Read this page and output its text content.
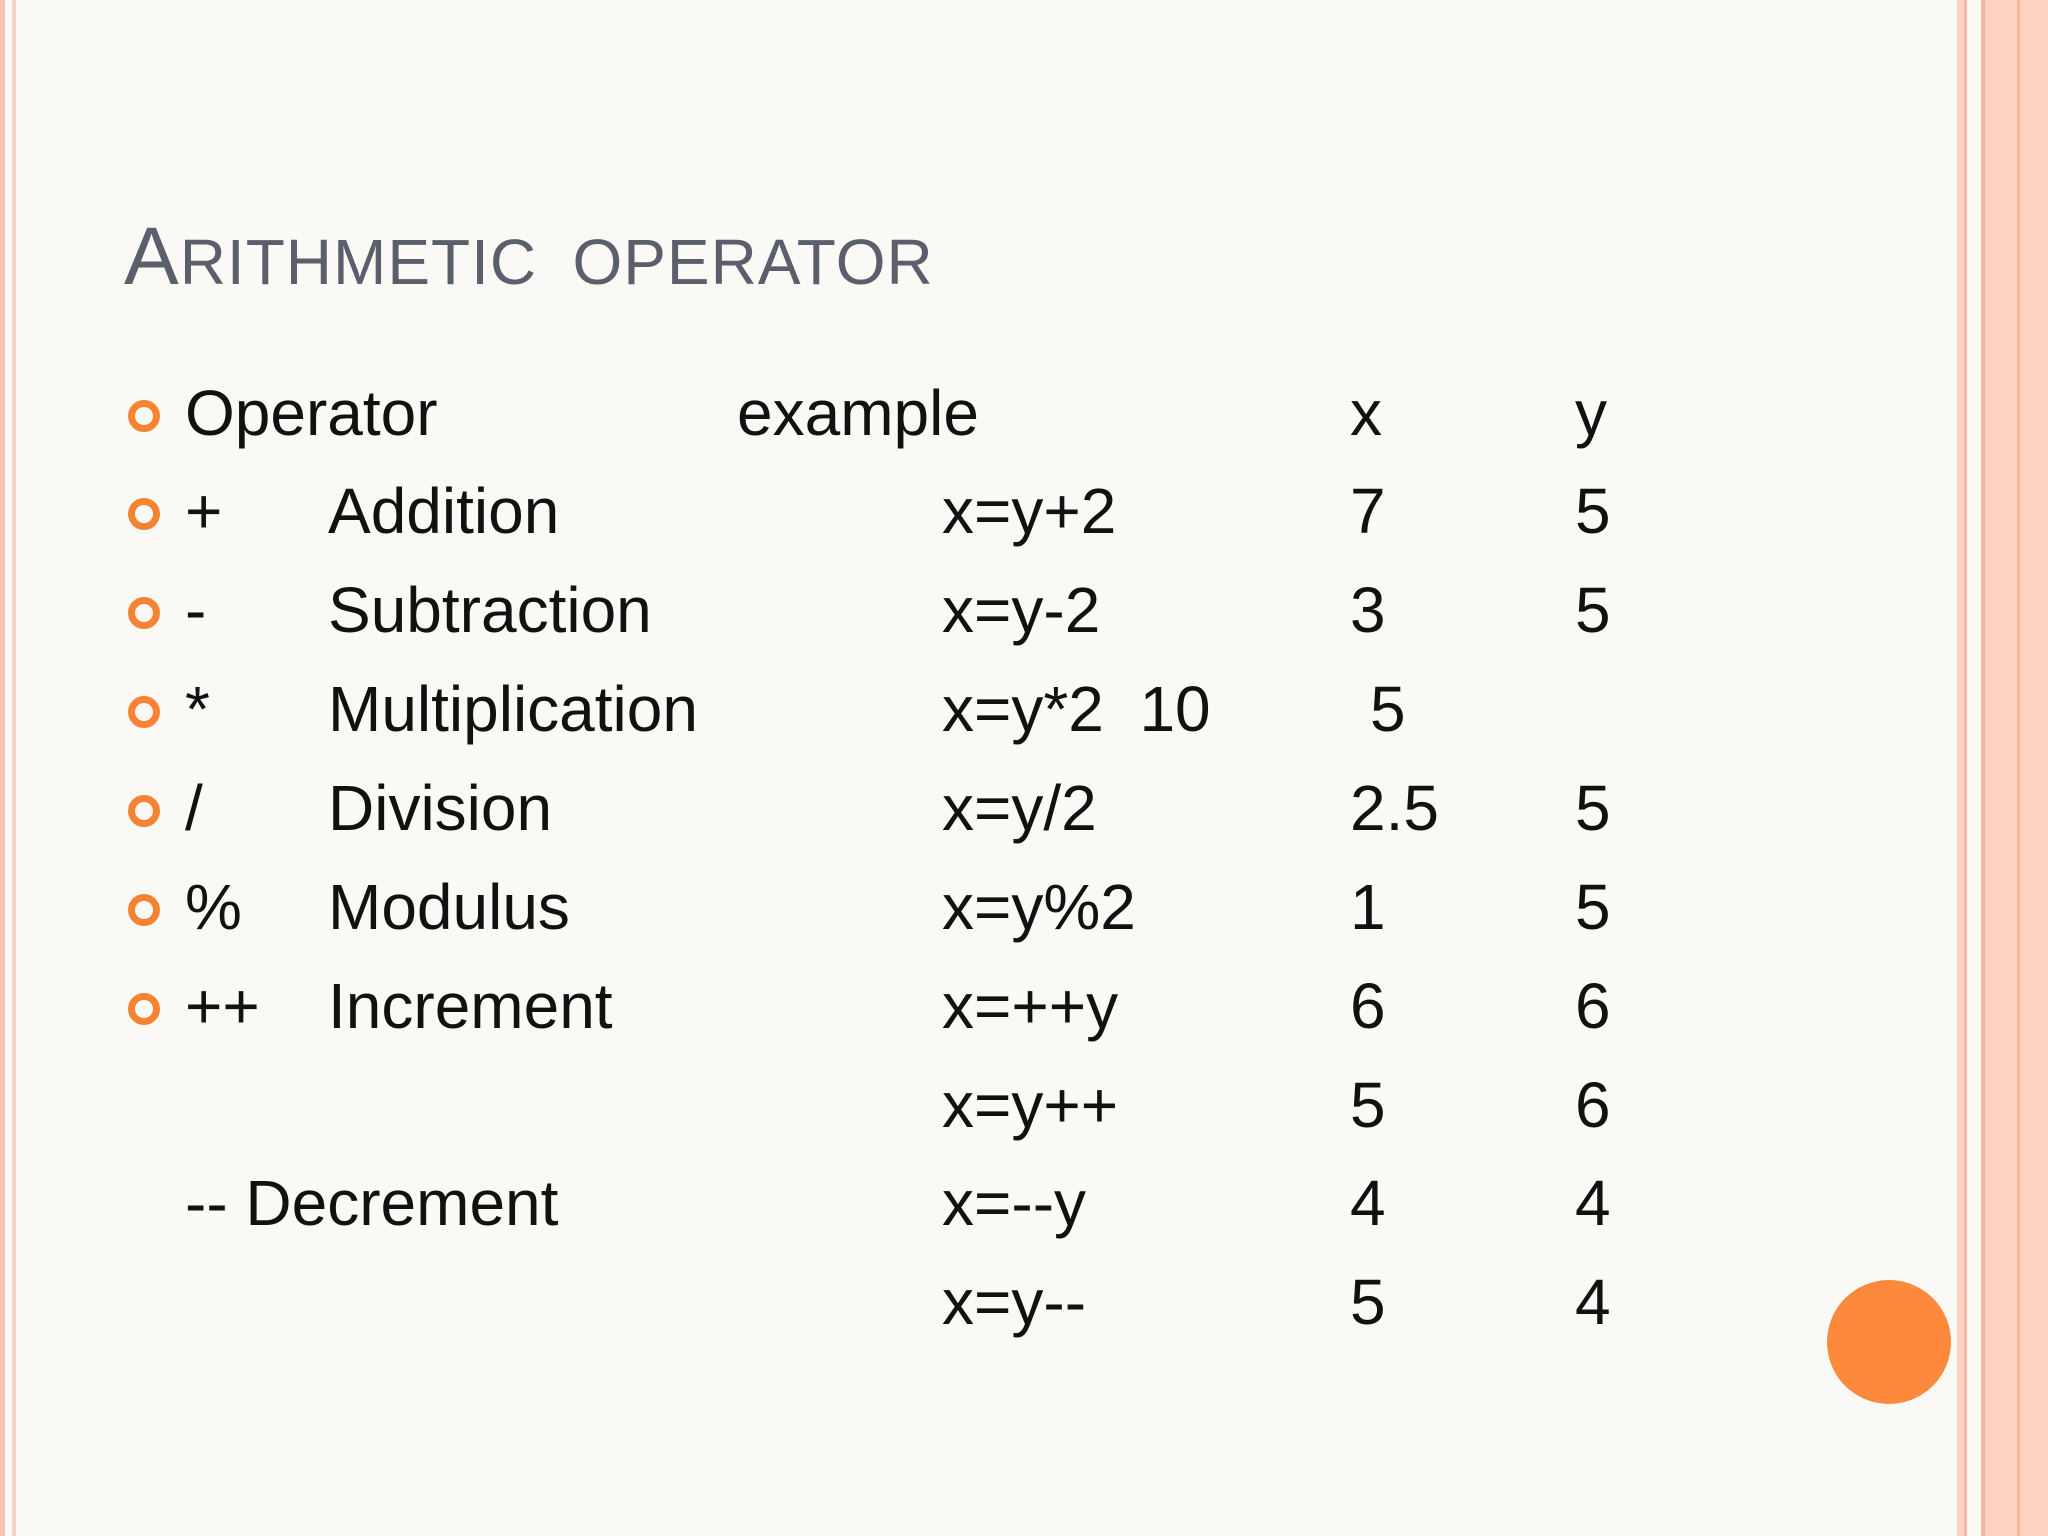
ARITHMETIC OPERATOR
Operator	example	x	y
+ Addition	x=y+2	7	5
- Subtraction	x=y-2	3	5
* Multiplication	x=y*2  10 5
/ Division	x=y/2	2.5 5
% Modulus	x=y%2	1	5
++ Increment	x=++y	6	6
x=y++	5	6
-- Decrement	x=--y	4	4
x=y--	5	4
